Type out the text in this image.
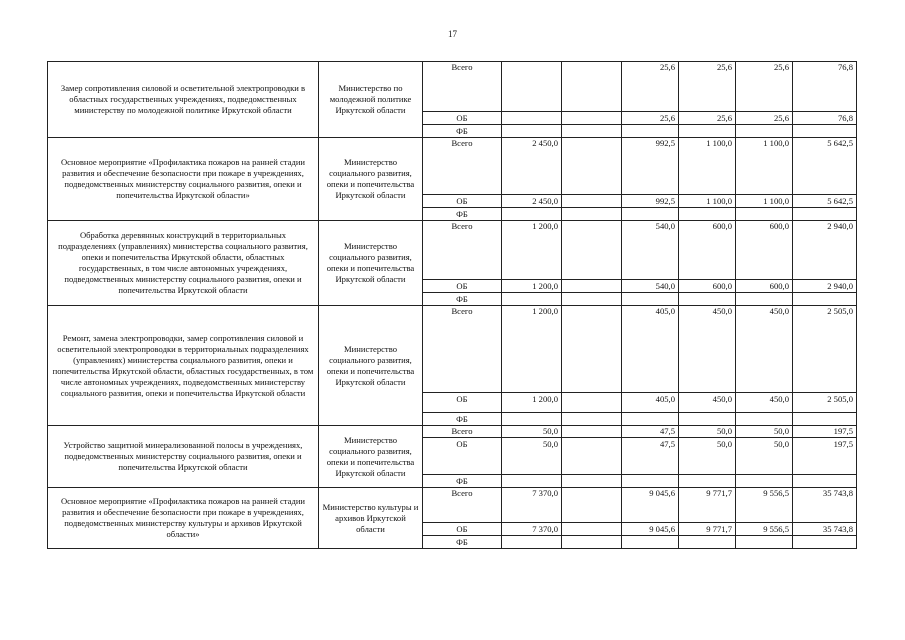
17
Замер сопротивления силовой и осветительной электропроводки в областных государственных учреждениях, подведомственных министерству по молодежной политике Иркутской области	Министерство по молодежной политике Иркутской области	Всего			25,6	25,6	25,6	76,8
		ОБ			25,6	25,6	25,6	76,8
		ФБ						
Основное мероприятие «Профилактика пожаров на ранней стадии развития и обеспечение безопасности при пожаре в учреждениях, подведомственных министерству социального развития, опеки и попечительства Иркутской области»	Министерство социального развития, опеки и попечительства Иркутской области	Всего	2 450,0		992,5	1 100,0	1 100,0	5 642,5
		ОБ	2 450,0		992,5	1 100,0	1 100,0	5 642,5
		ФБ						
Обработка деревянных конструкций в территориальных подразделениях (управлениях) министерства социального развития, опеки и попечительства Иркутской области, областных государственных, в том числе автономных учреждениях, подведомственных министерству социального развития, опеки и попечительства Иркутской области	Министерство социального развития, опеки и попечительства Иркутской области	Всего	1 200,0		540,0	600,0	600,0	2 940,0
		ОБ	1 200,0		540,0	600,0	600,0	2 940,0
		ФБ						
Ремонт, замена электропроводки, замер сопротивления силовой и осветительной электропроводки в территориальных подразделениях (управлениях) министерства социального развития, опеки и попечительства Иркутской области, областных государственных, в том числе автономных учреждениях, подведомственных министерству социального развития, опеки и попечительства Иркутской области	Министерство социального развития, опеки и попечительства Иркутской области	Всего	1 200,0		405,0	450,0	450,0	2 505,0
		ОБ	1 200,0		405,0	450,0	450,0	2 505,0
		ФБ						
Устройство защитной минерализованной полосы в учреждениях, подведомственных министерству социального развития, опеки и попечительства Иркутской области	Министерство социального развития, опеки и попечительства Иркутской области	Всего	50,0		47,5	50,0	50,0	197,5
		ОБ	50,0		47,5	50,0	50,0	197,5
		ФБ						
Основное мероприятие «Профилактика пожаров на ранней стадии развития и обеспечение безопасности при пожаре в учреждениях, подведомственных министерству культуры и архивов Иркутской области»	Министерство культуры и архивов Иркутской области	Всего	7 370,0		9 045,6	9 771,7	9 556,5	35 743,8
		ОБ	7 370,0		9 045,6	9 771,7	9 556,5	35 743,8
		ФБ						
